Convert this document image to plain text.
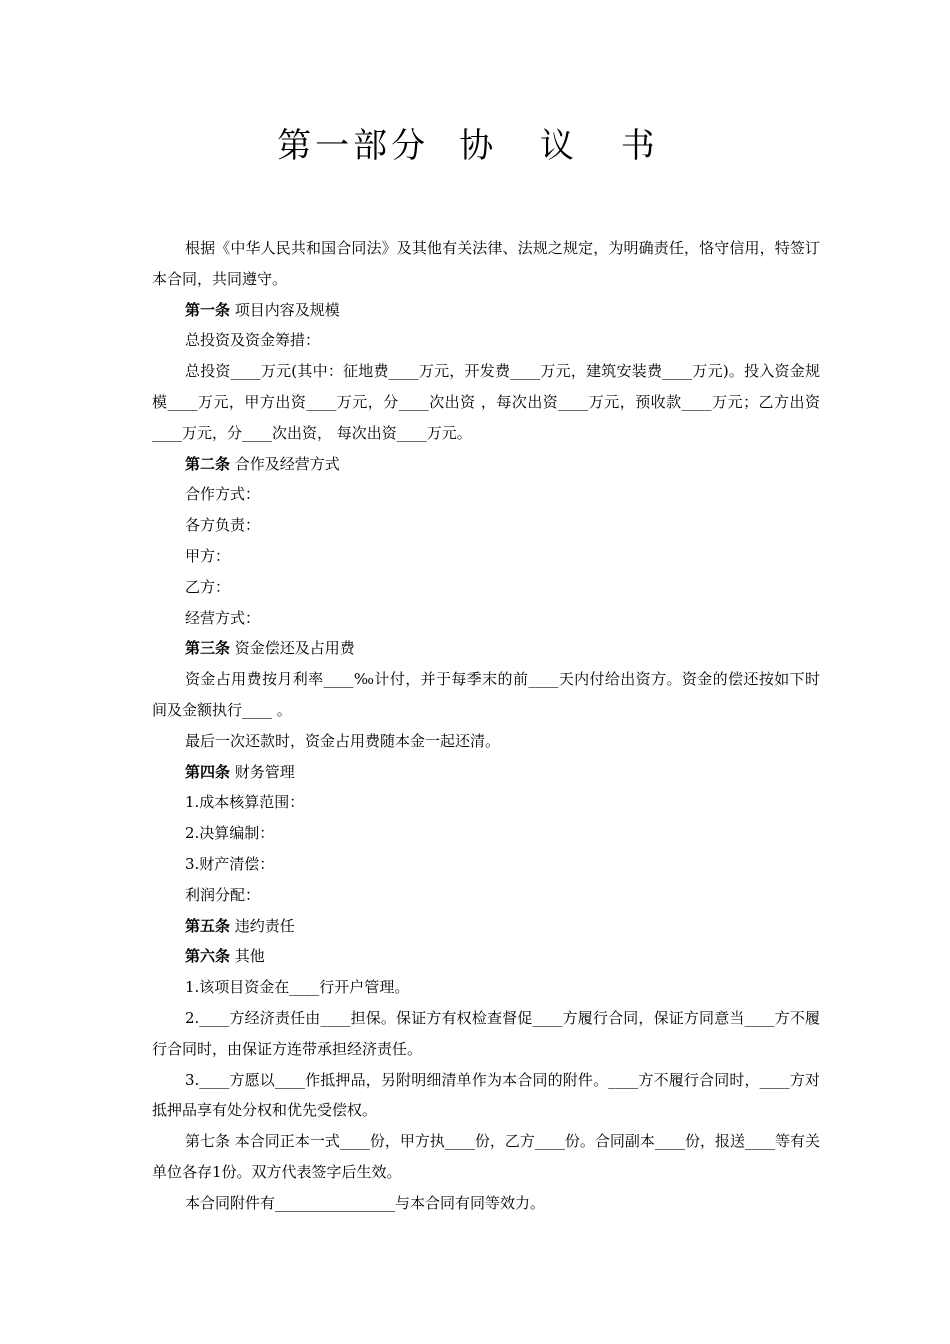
第一部分 协 议 书

根据《中华人民共和国合同法》及其他有关法律、法规之规定，为明确责任，恪守信用，特签订本合同，共同遵守。

第一条 项目内容及规模

总投资及资金筹措：

总投资____万元(其中：征地费____万元，开发费____万元，建筑安装费____万元)。投入资金规模____万元，甲方出资____万元，分____次出资 ，每次出资____万元，预收款____万元；乙方出资____万元，分____次出资， 每次出资____万元。

第二条 合作及经营方式

合作方式：

各方负责：

甲方：

乙方：

经营方式：

第三条 资金偿还及占用费

资金占用费按月利率____‰计付，并于每季末的前____天内付给出资方。资金的偿还按如下时间及金额执行____ 。

最后一次还款时，资金占用费随本金一起还清。

第四条 财务管理

1.成本核算范围：

2.决算编制：

3.财产清偿：

利润分配：

第五条 违约责任

第六条 其他

1.该项目资金在____行开户管理。

2.____方经济责任由____担保。保证方有权检查督促____方履行合同，保证方同意当____方不履行合同时，由保证方连带承担经济责任。

3.____方愿以____作抵押品，另附明细清单作为本合同的附件。____方不履行合同时，____方对抵押品享有处分权和优先受偿权。

第七条 本合同正本一式____份，甲方执____份，乙方____份。合同副本____份，报送____等有关单位各存1份。双方代表签字后生效。

本合同附件有________________与本合同有同等效力。
